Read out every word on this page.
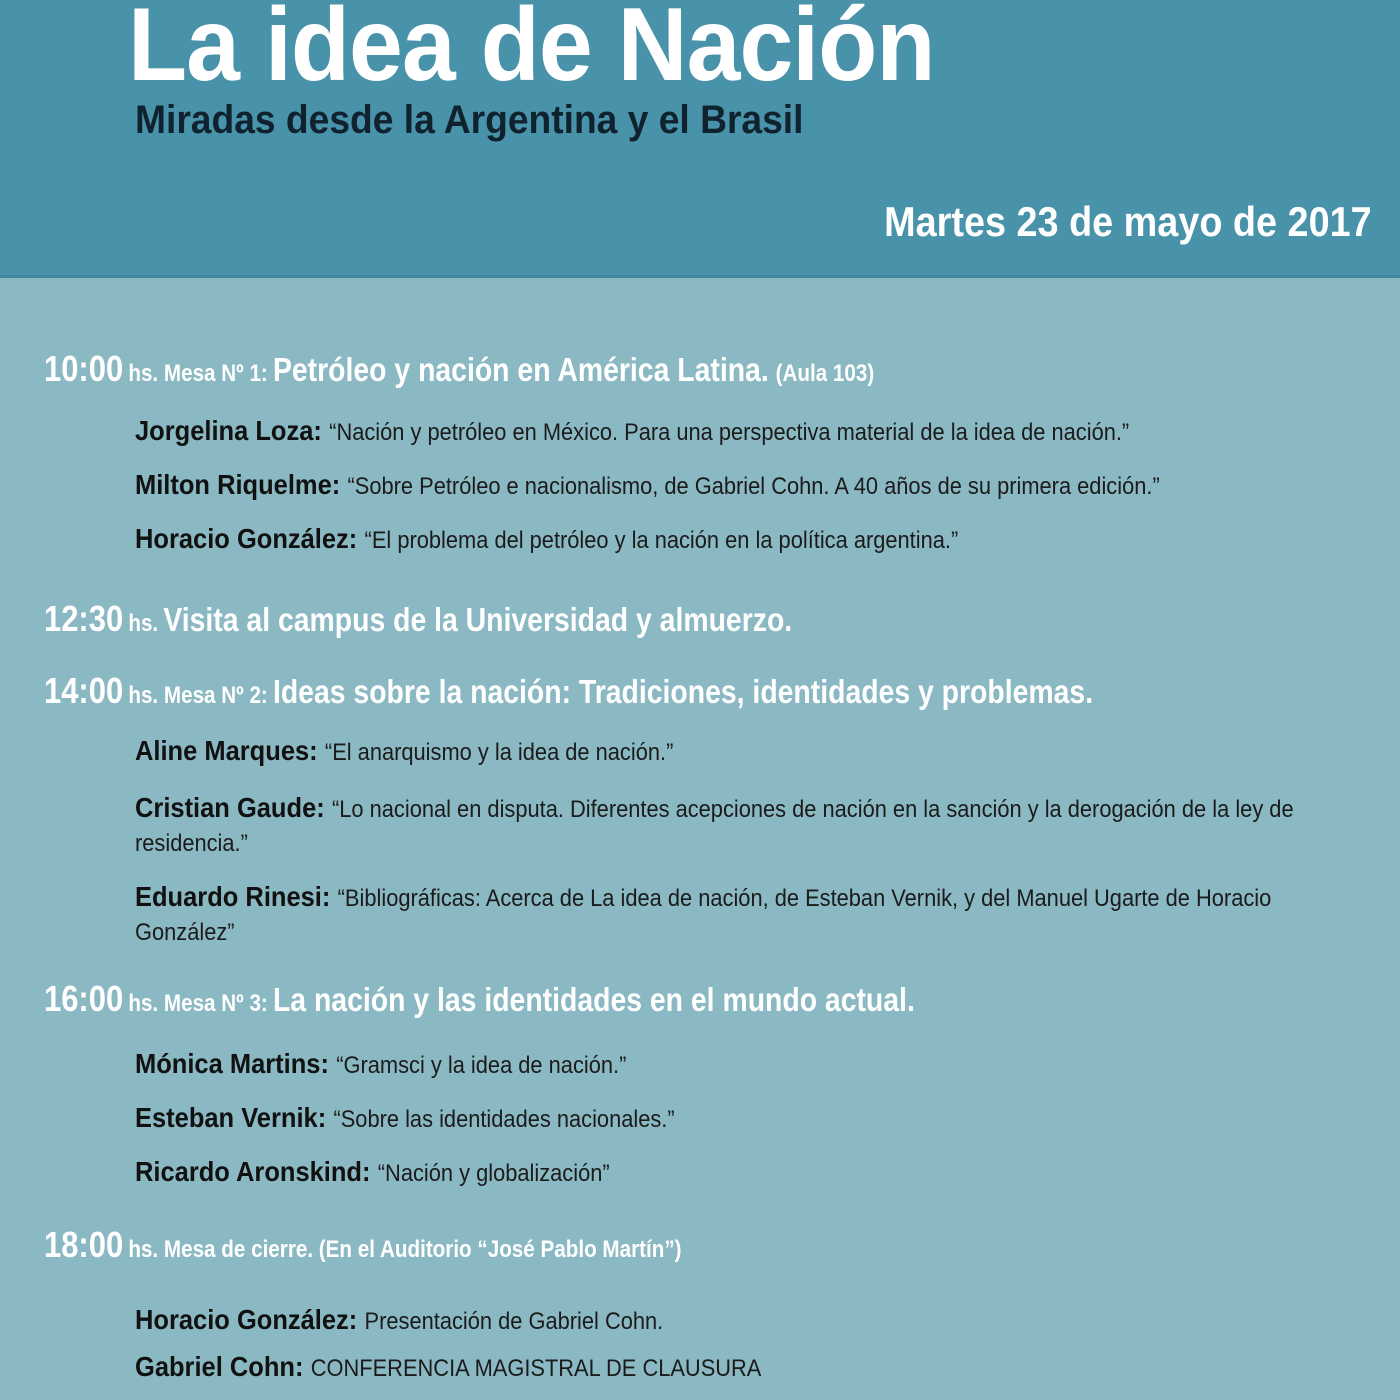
La idea de Nación
Miradas desde la Argentina y el Brasil
Martes 23 de mayo de 2017
10:00 hs. Mesa Nº 1: Petróleo y nación en América Latina. (Aula 103)
Jorgelina Loza: “Nación y petróleo en México. Para una perspectiva material de la idea de nación.”
Milton Riquelme: “Sobre Petróleo e nacionalismo, de Gabriel Cohn. A 40 años de su primera edición.”
Horacio González: “El problema del petróleo y la nación en la política argentina.”
12:30 hs. Visita al campus de la Universidad y almuerzo.
14:00 hs. Mesa Nº 2: Ideas sobre la nación: Tradiciones, identidades y problemas.
Aline Marques: “El anarquismo y la idea de nación.”
Cristian Gaude: “Lo nacional en disputa. Diferentes acepciones de nación en la sanción y la derogación de la ley de residencia.”
Eduardo Rinesi: “Bibliográficas: Acerca de La idea de nación, de Esteban Vernik, y del Manuel Ugarte de Horacio González”
16:00 hs. Mesa Nº 3: La nación y las identidades en el mundo actual.
Mónica Martins: “Gramsci y la idea de nación.”
Esteban Vernik: “Sobre las identidades nacionales.”
Ricardo Aronskind: “Nación y globalización”
18:00 hs. Mesa de cierre. (En el Auditorio “José Pablo Martín”)
Horacio González: Presentación de Gabriel Cohn.
Gabriel Cohn: CONFERENCIA MAGISTRAL DE CLAUSURA
